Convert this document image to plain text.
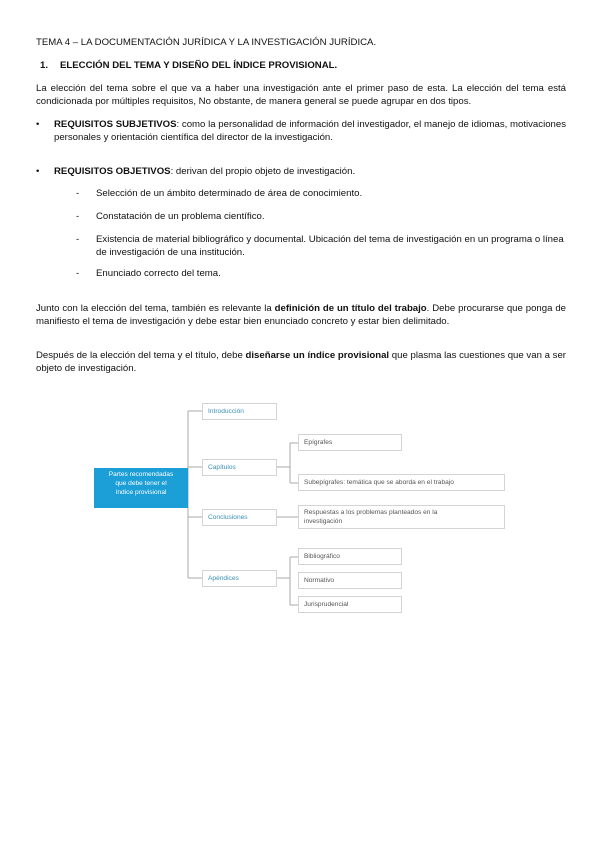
TEMA 4 – LA DOCUMENTACIÓN JURÍDICA Y LA INVESTIGACIÓN JURÍDICA.
1. ELECCIÓN DEL TEMA Y DISEÑO DEL ÍNDICE PROVISIONAL.
La elección del tema sobre el que va a haber una investigación ante el primer paso de esta. La elección del tema está condicionada por múltiples requisitos, No obstante, de manera general se puede agrupar en dos tipos.
•	REQUISITOS SUBJETIVOS: como la personalidad de información del investigador, el manejo de idiomas, motivaciones personales y orientación científica del director de la investigación.
•	REQUISITOS OBJETIVOS: derivan del propio objeto de investigación.
- Selección de un ámbito determinado de área de conocimiento.
- Constatación de un problema científico.
- Existencia de material bibliográfico y documental. Ubicación del tema de investigación en un programa o línea de investigación de una institución.
- Enunciado correcto del tema.
Junto con la elección del tema, también es relevante la definición de un título del trabajo. Debe procurarse que ponga de manifiesto el tema de investigación y debe estar bien enunciado concreto y estar bien delimitado.
Después de la elección del tema y el título, debe diseñarse un índice provisional que plasma las cuestiones que van a ser objeto de investigación.
Partes recomendadas
que debe tener el
índice provisional
Introducción
Capítulos
Conclusiones
Apéndices
Epígrafes
Subepígrafes: temática que se aborda en el trabajo
Respuestas a los problemas planteados en la
investigación
Bibliográfico
Normativo
Jurisprudencial
